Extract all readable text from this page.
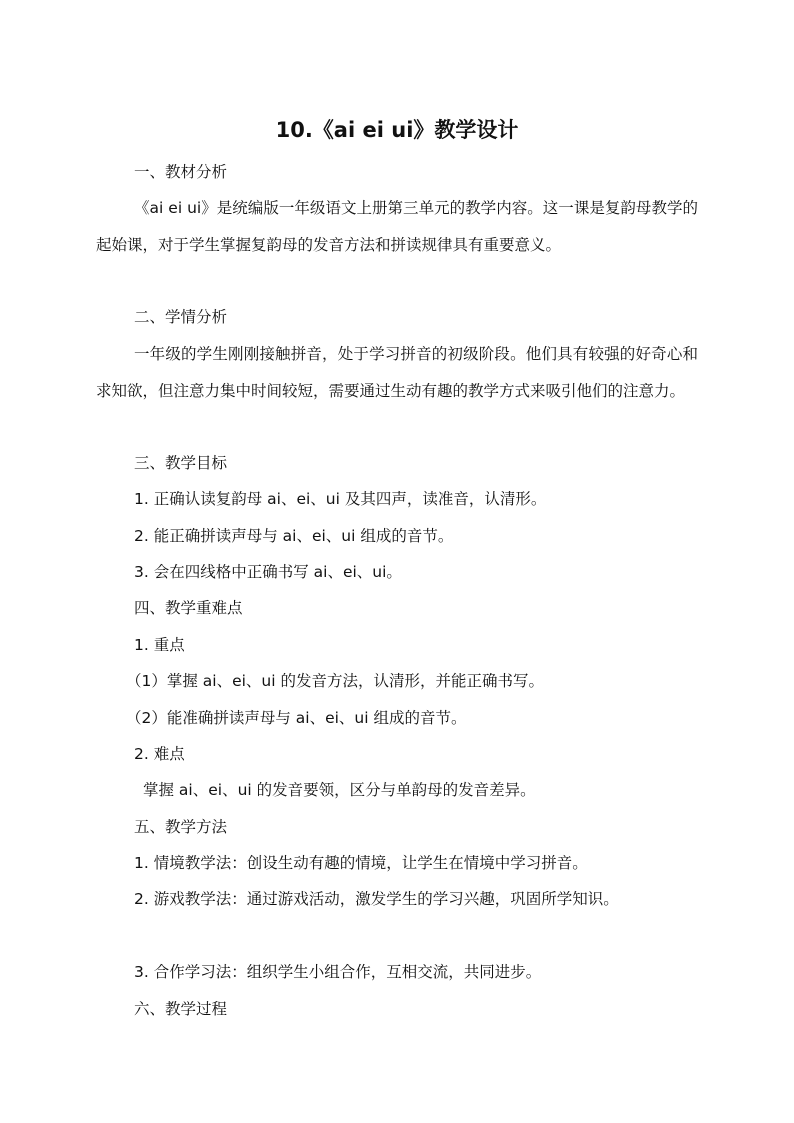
10.《ai ei ui》教学设计
一、教材分析
《ai ei ui》是统编版一年级语文上册第三单元的教学内容。这一课是复韵母教学的起始课，对于学生掌握复韵母的发音方法和拼读规律具有重要意义。
二、学情分析
一年级的学生刚刚接触拼音，处于学习拼音的初级阶段。他们具有较强的好奇心和求知欲，但注意力集中时间较短，需要通过生动有趣的教学方式来吸引他们的注意力。
三、教学目标
1. 正确认读复韵母 ai、ei、ui 及其四声，读准音，认清形。
2. 能正确拼读声母与 ai、ei、ui 组成的音节。
3. 会在四线格中正确书写 ai、ei、ui。
四、教学重难点
1. 重点
（1）掌握 ai、ei、ui 的发音方法，认清形，并能正确书写。
（2）能准确拼读声母与 ai、ei、ui 组成的音节。
2. 难点
掌握 ai、ei、ui 的发音要领，区分与单韵母的发音差异。
五、教学方法
1. 情境教学法：创设生动有趣的情境，让学生在情境中学习拼音。
2. 游戏教学法：通过游戏活动，激发学生的学习兴趣，巩固所学知识。
3. 合作学习法：组织学生小组合作，互相交流，共同进步。
六、教学过程
